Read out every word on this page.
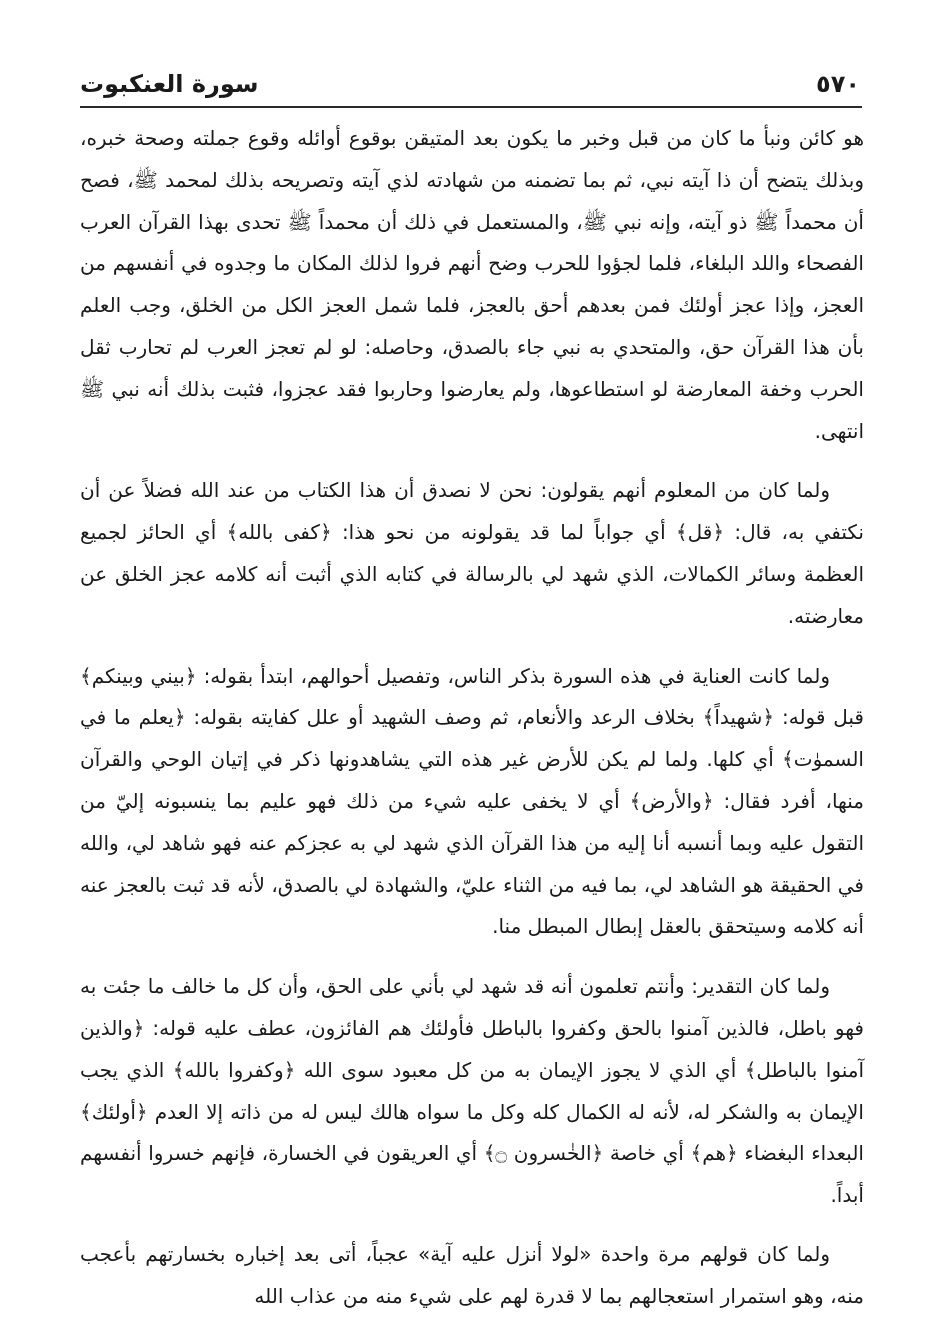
٥٧٠
سورة العنكبوت

هو كائن ونبأ ما كان من قبل وخبر ما يكون بعد المتيقن بوقوع أوائله وقوع جملته وصحة خبره، وبذلك يتضح أن ذا آيته نبي، ثم بما تضمنه من شهادته لذي آيته وتصريحه بذلك لمحمد ﷺ، فصح أن محمداً ﷺ ذو آيته، وإنه نبي ﷺ، والمستعمل في ذلك أن محمداً ﷺ تحدى بهذا القرآن العرب الفصحاء واللد البلغاء، فلما لجؤوا للحرب وضح أنهم فروا لذلك المكان ما وجدوه في أنفسهم من العجز، وإذا عجز أولئك فمن بعدهم أحق بالعجز، فلما شمل العجز الكل من الخلق، وجب العلم بأن هذا القرآن حق، والمتحدي به نبي جاء بالصدق، وحاصله: لو لم تعجز العرب لم تحارب ثقل الحرب وخفة المعارضة لو استطاعوها، ولم يعارضوا وحاربوا فقد عجزوا، فثبت بذلك أنه نبي ﷺ انتهى.

ولما كان من المعلوم أنهم يقولون: نحن لا نصدق أن هذا الكتاب من عند الله فضلاً عن أن نكتفي به، قال: ﴿قل﴾ أي جواباً لما قد يقولونه من نحو هذا: ﴿كفى بالله﴾ أي الحائز لجميع العظمة وسائر الكمالات، الذي شهد لي بالرسالة في كتابه الذي أثبت أنه كلامه عجز الخلق عن معارضته.

ولما كانت العناية في هذه السورة بذكر الناس، وتفصيل أحوالهم، ابتدأ بقوله: ﴿بيني وبينكم﴾ قبل قوله: ﴿شهيداً﴾ بخلاف الرعد والأنعام، ثم وصف الشهيد أو علل كفايته بقوله: ﴿يعلم ما في السموٰت﴾ أي كلها. ولما لم يكن للأرض غير هذه التي يشاهدونها ذكر في إتيان الوحي والقرآن منها، أفرد فقال: ﴿والأرض﴾ أي لا يخفى عليه شيء من ذلك فهو عليم بما ينسبونه إليّ من التقول عليه وبما أنسبه أنا إليه من هذا القرآن الذي شهد لي به عجزكم عنه فهو شاهد لي، والله في الحقيقة هو الشاهد لي، بما فيه من الثناء عليّ، والشهادة لي بالصدق، لأنه قد ثبت بالعجز عنه أنه كلامه وسيتحقق بالعقل إبطال المبطل منا.

ولما كان التقدير: وأنتم تعلمون أنه قد شهد لي بأني على الحق، وأن كل ما خالف ما جئت به فهو باطل، فالذين آمنوا بالحق وكفروا بالباطل فأولئك هم الفائزون، عطف عليه قوله: ﴿والذين آمنوا بالباطل﴾ أي الذي لا يجوز الإيمان به من كل معبود سوى الله ﴿وكفروا بالله﴾ الذي يجب الإيمان به والشكر له، لأنه له الكمال كله وكل ما سواه هالك ليس له من ذاته إلا العدم ﴿أولئك﴾ البعداء البغضاء ﴿هم﴾ أي خاصة ﴿الخٰسرون ۝﴾ أي العريقون في الخسارة، فإنهم خسروا أنفسهم أبداً.

ولما كان قولهم مرة واحدة «لولا أنزل عليه آية» عجباً، أتى بعد إخباره بخسارتهم بأعجب منه، وهو استمرار استعجالهم بما لا قدرة لهم على شيء منه من عذاب الله
